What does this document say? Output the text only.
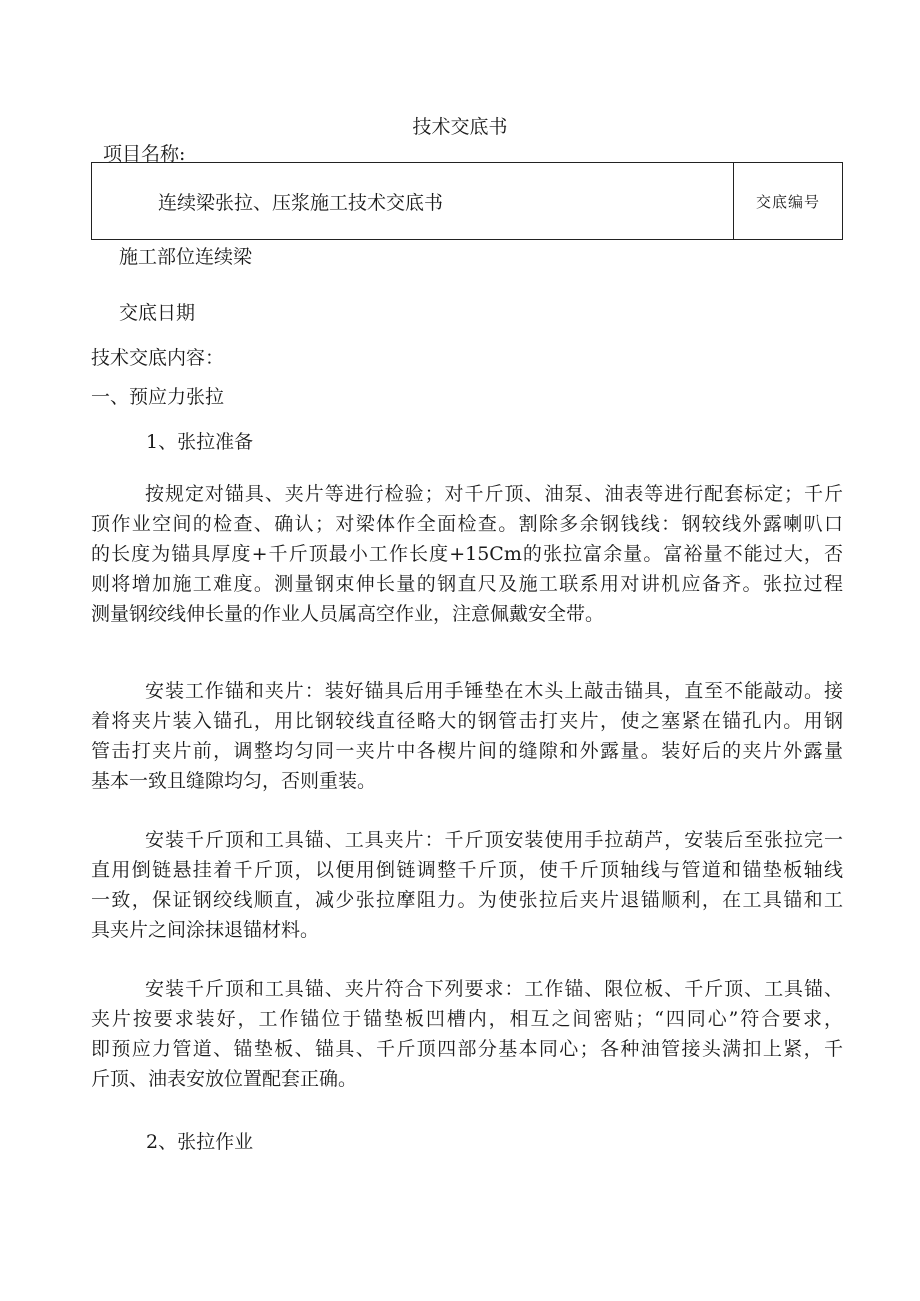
技术交底书
项目名称:
连续梁张拉、压浆施工技术交底书	交底编号
施工部位连续梁
交底日期
技术交底内容：
一、预应力张拉
1、张拉准备
按规定对锚具、夹片等进行检验；对千斤顶、油泵、油表等进行配套标定；千斤
顶作业空间的检查、确认；对梁体作全面检查。割除多余钢钱线：钢较线外露喇叭口
的长度为锚具厚度+千斤顶最小工作长度+15Cm的张拉富余量。富裕量不能过大，否
则将增加施工难度。测量钢束伸长量的钢直尺及施工联系用对讲机应备齐。张拉过程
测量钢绞线伸长量的作业人员属高空作业，注意佩戴安全带。
安装工作锚和夹片：装好锚具后用手锤垫在木头上敲击锚具，直至不能敲动。接
着将夹片装入锚孔，用比钢较线直径略大的钢管击打夹片，使之塞紧在锚孔内。用钢
管击打夹片前，调整均匀同一夹片中各楔片间的缝隙和外露量。装好后的夹片外露量
基本一致且缝隙均匀，否则重装。
安装千斤顶和工具锚、工具夹片：千斤顶安装使用手拉葫芦，安装后至张拉完一
直用倒链悬挂着千斤顶，以便用倒链调整千斤顶，使千斤顶轴线与管道和锚垫板轴线
一致，保证钢绞线顺直，减少张拉摩阻力。为使张拉后夹片退锚顺利，在工具锚和工
具夹片之间涂抹退锚材料。
安装千斤顶和工具锚、夹片符合下列要求：工作锚、限位板、千斤顶、工具锚、
夹片按要求装好，工作锚位于锚垫板凹槽内，相互之间密贴；“四同心”符合要求，
即预应力管道、锚垫板、锚具、千斤顶四部分基本同心；各种油管接头满扣上紧，千
斤顶、油表安放位置配套正确。
2、张拉作业
